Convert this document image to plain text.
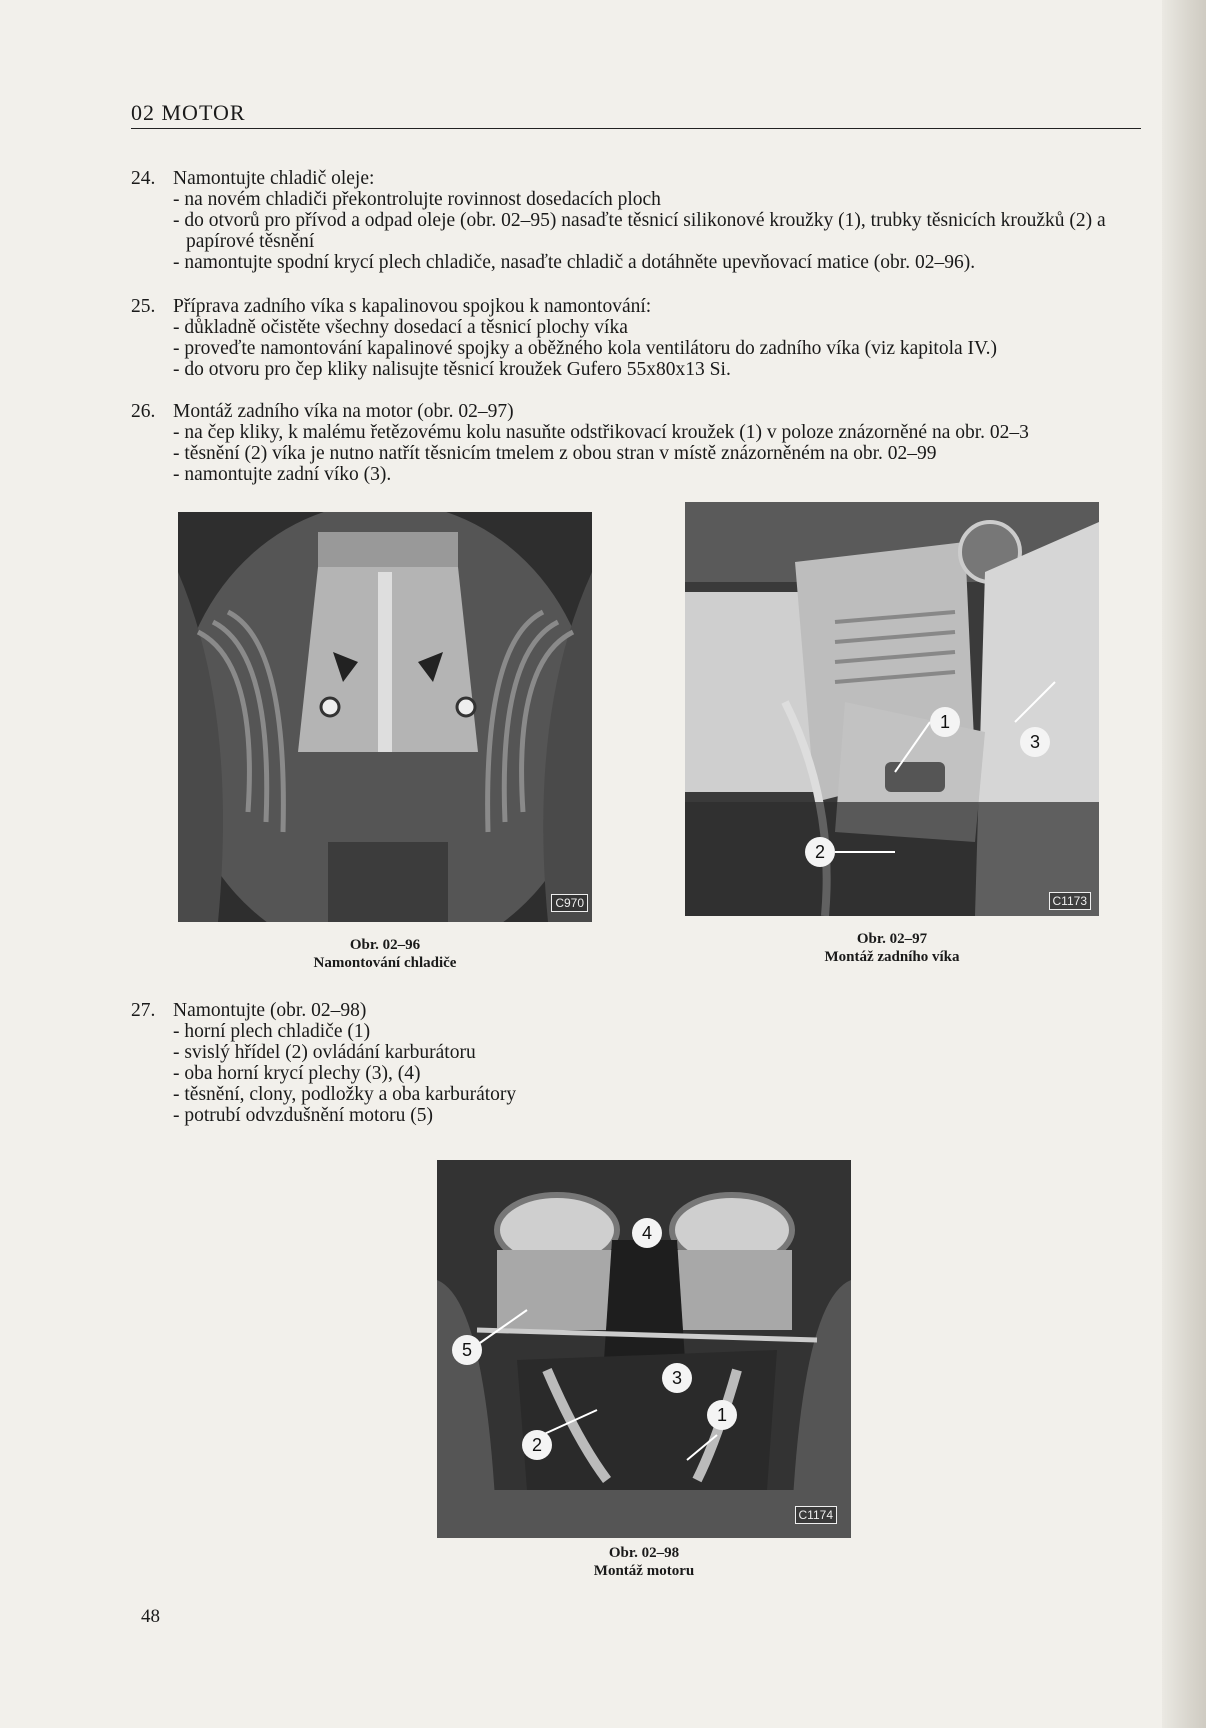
02 MOTOR
24. Namontujte chladič oleje:
- na novém chladiči překontrolujte rovinnost dosedacích ploch
- do otvorů pro přívod a odpad oleje (obr. 02–95) nasaďte těsnicí silikonové kroužky (1), trubky těsnicích kroužků (2) a papírové těsnění
- namontujte spodní krycí plech chladiče, nasaďte chladič a dotáhněte upevňovací matice (obr. 02–96).
25. Příprava zadního víka s kapalinovou spojkou k namontování:
- důkladně očistěte všechny dosedací a těsnicí plochy víka
- proveďte namontování kapalinové spojky a oběžného kola ventilátoru do zadního víka (viz kapitola IV.)
- do otvoru pro čep kliky nalisujte těsnicí kroužek Gufero 55x80x13 Si.
26. Montáž zadního víka na motor (obr. 02–97)
- na čep kliky, k malému řetězovému kolu nasuňte odstřikovací kroužek (1) v poloze znázorněné na obr. 02–3
- těsnění (2) víka je nutno natřít těsnicím tmelem z obou stran v místě znázorněném na obr. 02–99
- namontujte zadní víko (3).
C970
Obr. 02–96
Namontování chladiče
1
2
3
C1173
Obr. 02–97
Montáž zadního víka
27. Namontujte (obr. 02–98)
- horní plech chladiče (1)
- svislý hřídel (2) ovládání karburátoru
- oba horní krycí plechy (3), (4)
- těsnění, clony, podložky a oba karburátory
- potrubí odvzdušnění motoru (5)
1
2
3
4
5
C1174
Obr. 02–98
Montáž motoru
48
